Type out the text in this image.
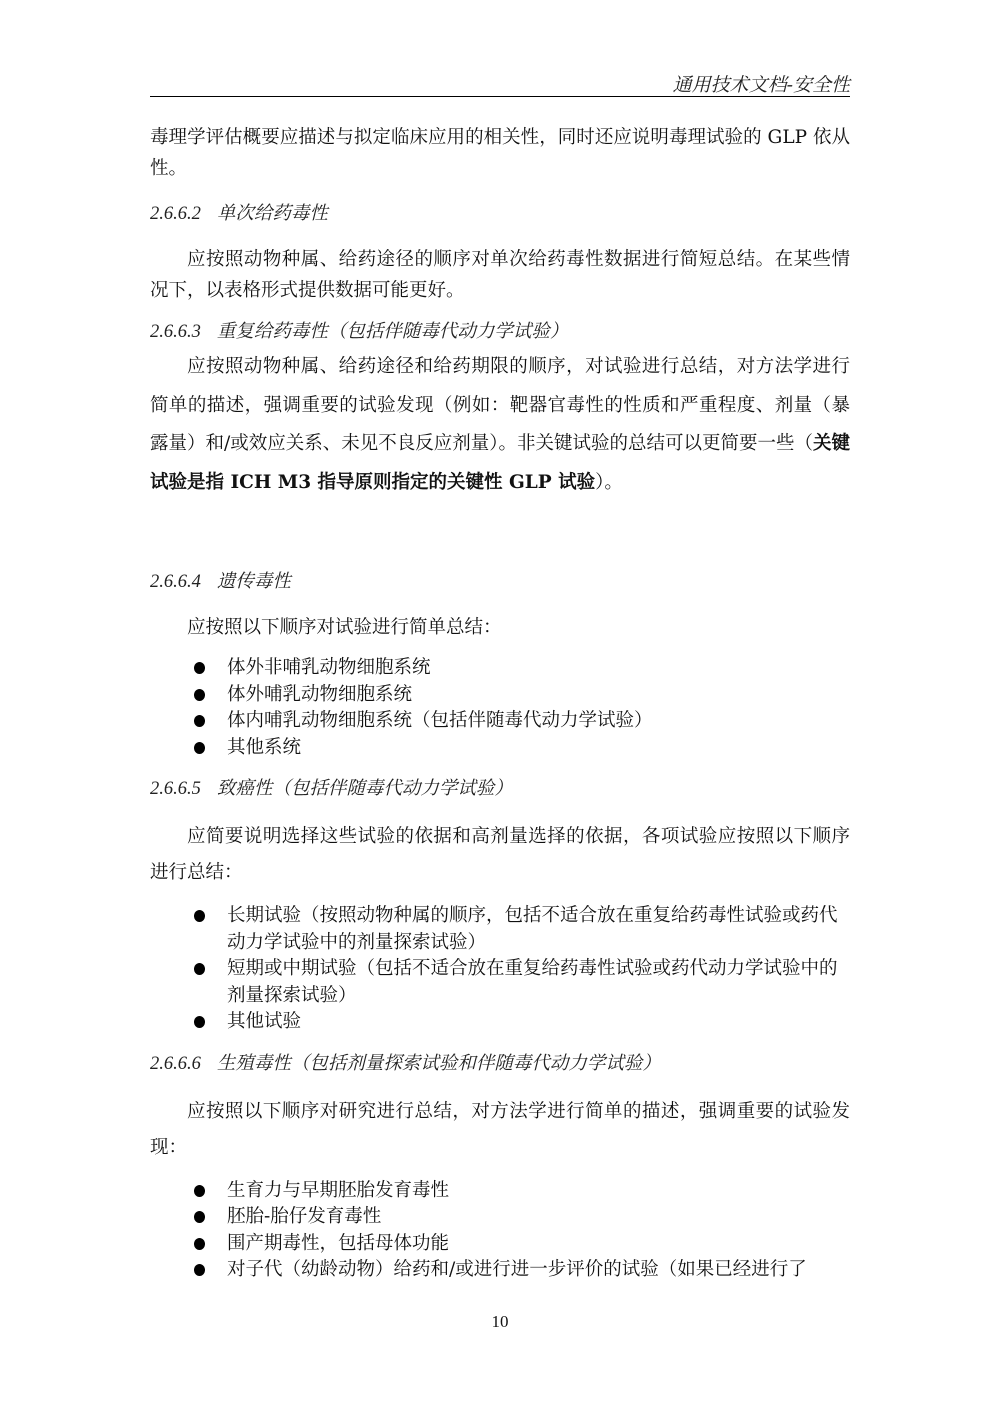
通用技术文档-安全性

毒理学评估概要应描述与拟定临床应用的相关性，同时还应说明毒理试验的 GLP 依从性。

2.6.6.2 单次给药毒性

应按照动物种属、给药途径的顺序对单次给药毒性数据进行简短总结。在某些情况下，以表格形式提供数据可能更好。

2.6.6.3 重复给药毒性（包括伴随毒代动力学试验）

应按照动物种属、给药途径和给药期限的顺序，对试验进行总结，对方法学进行简单的描述，强调重要的试验发现（例如：靶器官毒性的性质和严重程度、剂量（暴露量）和/或效应关系、未见不良反应剂量）。非关键试验的总结可以更简要一些（关键试验是指 ICH M3 指导原则指定的关键性 GLP 试验）。

2.6.6.4 遗传毒性

应按照以下顺序对试验进行简单总结：

体外非哺乳动物细胞系统
体外哺乳动物细胞系统
体内哺乳动物细胞系统（包括伴随毒代动力学试验）
其他系统

2.6.6.5 致癌性（包括伴随毒代动力学试验）

应简要说明选择这些试验的依据和高剂量选择的依据，各项试验应按照以下顺序进行总结：

长期试验（按照动物种属的顺序，包括不适合放在重复给药毒性试验或药代动力学试验中的剂量探索试验）
短期或中期试验（包括不适合放在重复给药毒性试验或药代动力学试验中的剂量探索试验）
其他试验

2.6.6.6 生殖毒性（包括剂量探索试验和伴随毒代动力学试验）

应按照以下顺序对研究进行总结，对方法学进行简单的描述，强调重要的试验发现：

生育力与早期胚胎发育毒性
胚胎-胎仔发育毒性
围产期毒性，包括母体功能
对子代（幼龄动物）给药和/或进行进一步评价的试验（如果已经进行了
10
